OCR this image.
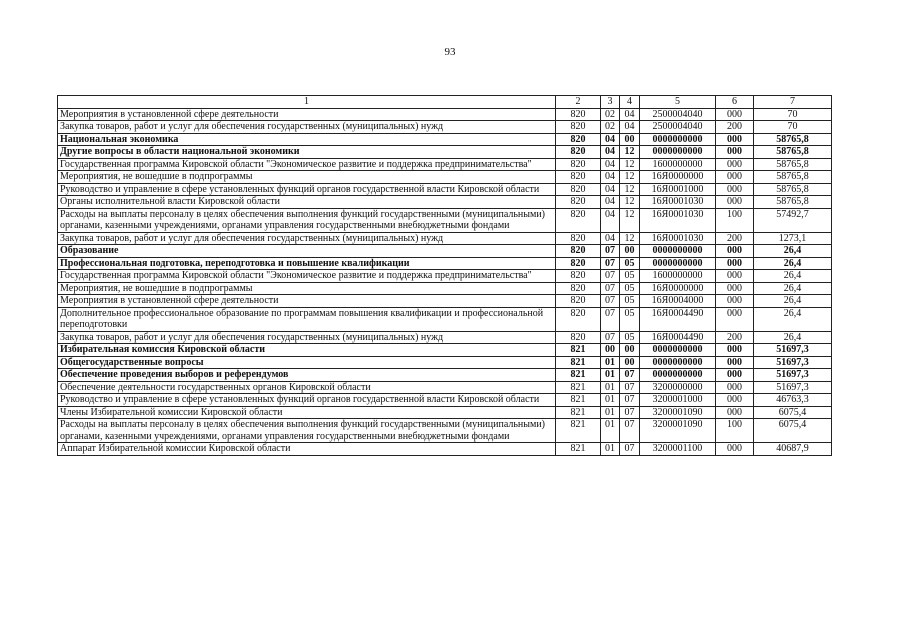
93
1	2	3	4	5	6	7
Мероприятия в установленной сфере деятельности	820	02	04	2500004040	000	70
Закупка товаров, работ и услуг для обеспечения государственных (муниципальных) нужд	820	02	04	2500004040	200	70
Национальная экономика	820	04	00	0000000000	000	58765,8
Другие вопросы в области национальной экономики	820	04	12	0000000000	000	58765,8
Государственная программа Кировской области "Экономическое развитие и поддержка предпринимательства"	820	04	12	1600000000	000	58765,8
Мероприятия, не вошедшие в подпрограммы	820	04	12	16Я0000000	000	58765,8
Руководство и управление в сфере установленных функций органов государственной власти Кировской области	820	04	12	16Я0001000	000	58765,8
Органы исполнительной власти Кировской области	820	04	12	16Я0001030	000	58765,8
Расходы на выплаты персоналу в целях обеспечения выполнения функций государственными (муниципальными) органами, казенными учреждениями, органами управления государственными внебюджетными фондами	820	04	12	16Я0001030	100	57492,7
Закупка товаров, работ и услуг для обеспечения государственных (муниципальных) нужд	820	04	12	16Я0001030	200	1273,1
Образование	820	07	00	0000000000	000	26,4
Профессиональная подготовка, переподготовка и повышение квалификации	820	07	05	0000000000	000	26,4
Государственная программа Кировской области "Экономическое развитие и поддержка предпринимательства"	820	07	05	1600000000	000	26,4
Мероприятия, не вошедшие в подпрограммы	820	07	05	16Я0000000	000	26,4
Мероприятия в установленной сфере деятельности	820	07	05	16Я0004000	000	26,4
Дополнительное профессиональное образование по программам повышения квалификации и профессиональной переподготовки	820	07	05	16Я0004490	000	26,4
Закупка товаров, работ и услуг для обеспечения государственных (муниципальных) нужд	820	07	05	16Я0004490	200	26,4
Избирательная комиссия Кировской области	821	00	00	0000000000	000	51697,3
Общегосударственные вопросы	821	01	00	0000000000	000	51697,3
Обеспечение проведения выборов и референдумов	821	01	07	0000000000	000	51697,3
Обеспечение деятельности государственных органов Кировской области	821	01	07	3200000000	000	51697,3
Руководство и управление в сфере установленных функций органов государственной власти Кировской области	821	01	07	3200001000	000	46763,3
Члены Избирательной комиссии Кировской области	821	01	07	3200001090	000	6075,4
Расходы на выплаты персоналу в целях обеспечения выполнения функций государственными (муниципальными) органами, казенными учреждениями, органами управления государственными внебюджетными фондами	821	01	07	3200001090	100	6075,4
Аппарат Избирательной комиссии Кировской области	821	01	07	3200001100	000	40687,9
